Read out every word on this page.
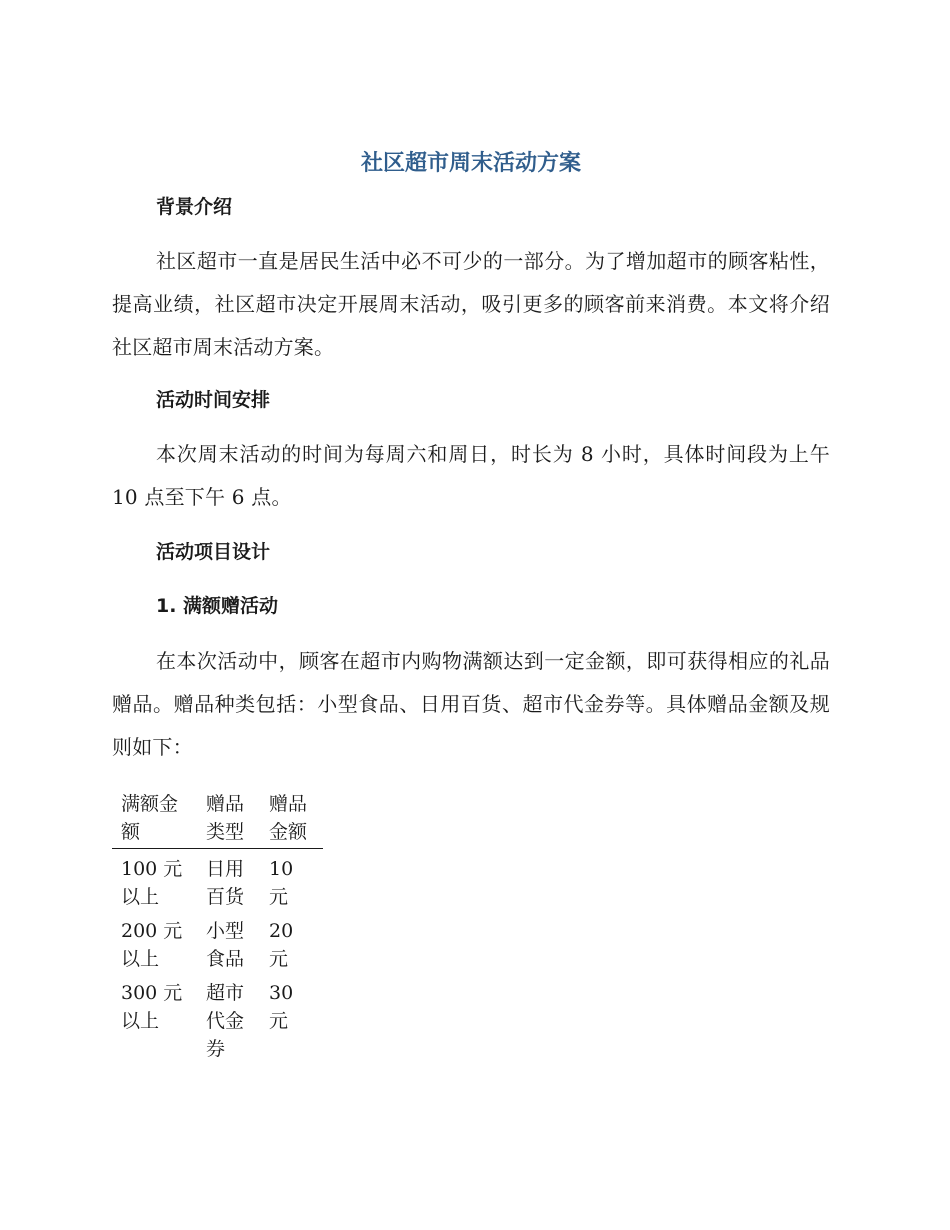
社区超市周末活动方案
背景介绍

社区超市一直是居民生活中必不可少的一部分。为了增加超市的顾客粘性，提高业绩，社区超市决定开展周末活动，吸引更多的顾客前来消费。本文将介绍社区超市周末活动方案。

活动时间安排

本次周末活动的时间为每周六和周日，时长为 8 小时，具体时间段为上午 10 点至下午 6 点。

活动项目设计
1. 满额赠活动

在本次活动中，顾客在超市内购物满额达到一定金额，即可获得相应的礼品赠品。赠品种类包括：小型食品、日用百货、超市代金券等。具体赠品金额及规则如下：

满额金额	赠品类型	赠品金额
100 元以上	日用百货	10 元
200 元以上	小型食品	20 元
300 元以上	超市代金券	30 元
